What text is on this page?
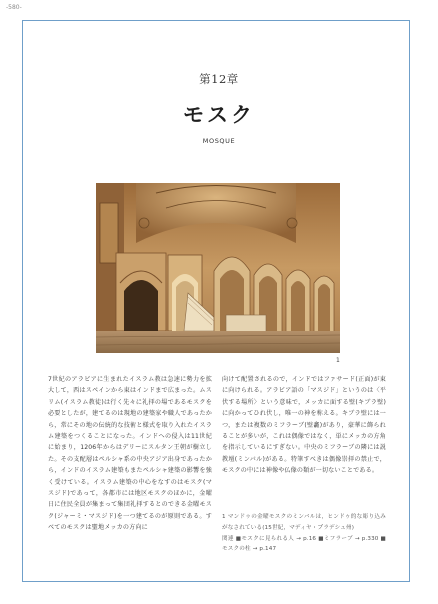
-580-
第12章
モスク
MOSQUE
1
7世紀のアラビアに生まれたイスラム教は急速に勢力を拡大して，西はスペインから東はインドまで広まった。ムスリム(イスラム教徒)は行く先々に礼拝の場であるモスクを必要としたが，建てるのは現地の建築家や職人であったから，常にその地の伝統的な技術と様式を取り入れたイスラム建築をつくることになった。インドへの侵入は11世紀に始まり，1206年からはデリーにスルタン王朝が樹立した。その支配層はペルシャ系の中央アジア出身であったから，インドのイスラム建築もまたペルシャ建築の影響を強く受けている。イスラム建築の中心をなすのはモスク(マスジド)であって，各都市には地区モスクのほかに，金曜日に住民全員が集まって集団礼拝するとのできる金曜モスク(ジャーミ・マスジド)を一つ建てるのが原則である。すべてのモスクは聖地メッカの方向に
向けて配置されるので，インドではファサード(正面)が東に向けられる。アラビア語の「マスジド」というのは〈平伏する場所〉という意味で，メッカに面する壁(キブラ壁)に向かってひれ伏し，唯一の神を称える。キブラ壁には一つ，または複数のミフラーブ(壁龕)があり，豪華に飾られることが多いが，これは偶像ではなく，単にメッカの方角を指示しているにすぎない。中央のミフラーブの隣には説教壇(ミンバル)がある。特筆すべきは偶像崇拝の禁止で，モスクの中には神像や仏像の類が一切ないことである。
1 マンドゥの金曜モスクのミンバルは，ヒンドゥ的な彫り込みがなされている(15世紀，マディヤ・プラデシュ州)
関連 ■モスクに見られる人 → p.16 ■ミフラーブ → p.330 ■モスクの柱 → p.147
